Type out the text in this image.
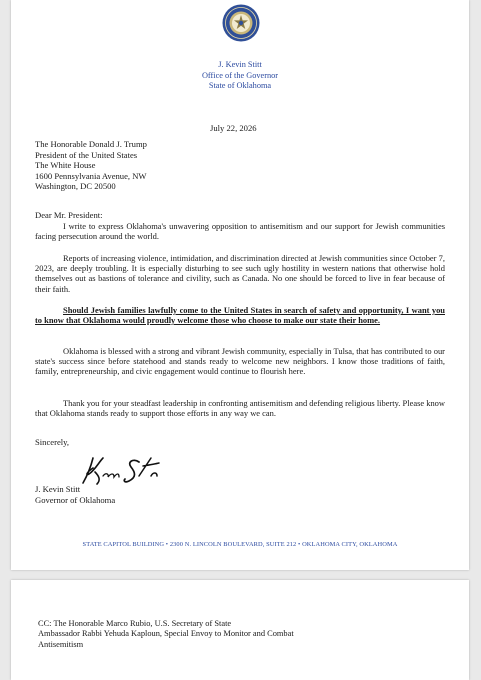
J. Kevin Stitt
Office of the Governor
State of Oklahoma
July 22, 2026
The Honorable Donald J. Trump
President of the United States
The White House
1600 Pennsylvania Avenue, NW
Washington, DC 20500
Dear Mr. President:

I write to express Oklahoma's unwavering opposition to antisemitism and our support for Jewish communities facing persecution around the world.

Reports of increasing violence, intimidation, and discrimination directed at Jewish communities since October 7, 2023, are deeply troubling. It is especially disturbing to see such ugly hostility in western nations that otherwise hold themselves out as bastions of tolerance and civility, such as Canada. No one should be forced to live in fear because of their faith.

Should Jewish families lawfully come to the United States in search of safety and opportunity, I want you to know that Oklahoma would proudly welcome those who choose to make our state their home.

Oklahoma is blessed with a strong and vibrant Jewish community, especially in Tulsa, that has contributed to our state's success since before statehood and stands ready to welcome new neighbors. I know those traditions of faith, family, entrepreneurship, and civic engagement would continue to flourish here.

Thank you for your steadfast leadership in confronting antisemitism and defending religious liberty. Please know that Oklahoma stands ready to support those efforts in any way we can.

Sincerely,
J. Kevin Stitt
Governor of Oklahoma
STATE CAPITOL BUILDING • 2300 N. LINCOLN BOULEVARD, SUITE 212 • OKLAHOMA CITY, OKLAHOMA
CC: The Honorable Marco Rubio, U.S. Secretary of State
Ambassador Rabbi Yehuda Kaploun, Special Envoy to Monitor and Combat
Antisemitism
